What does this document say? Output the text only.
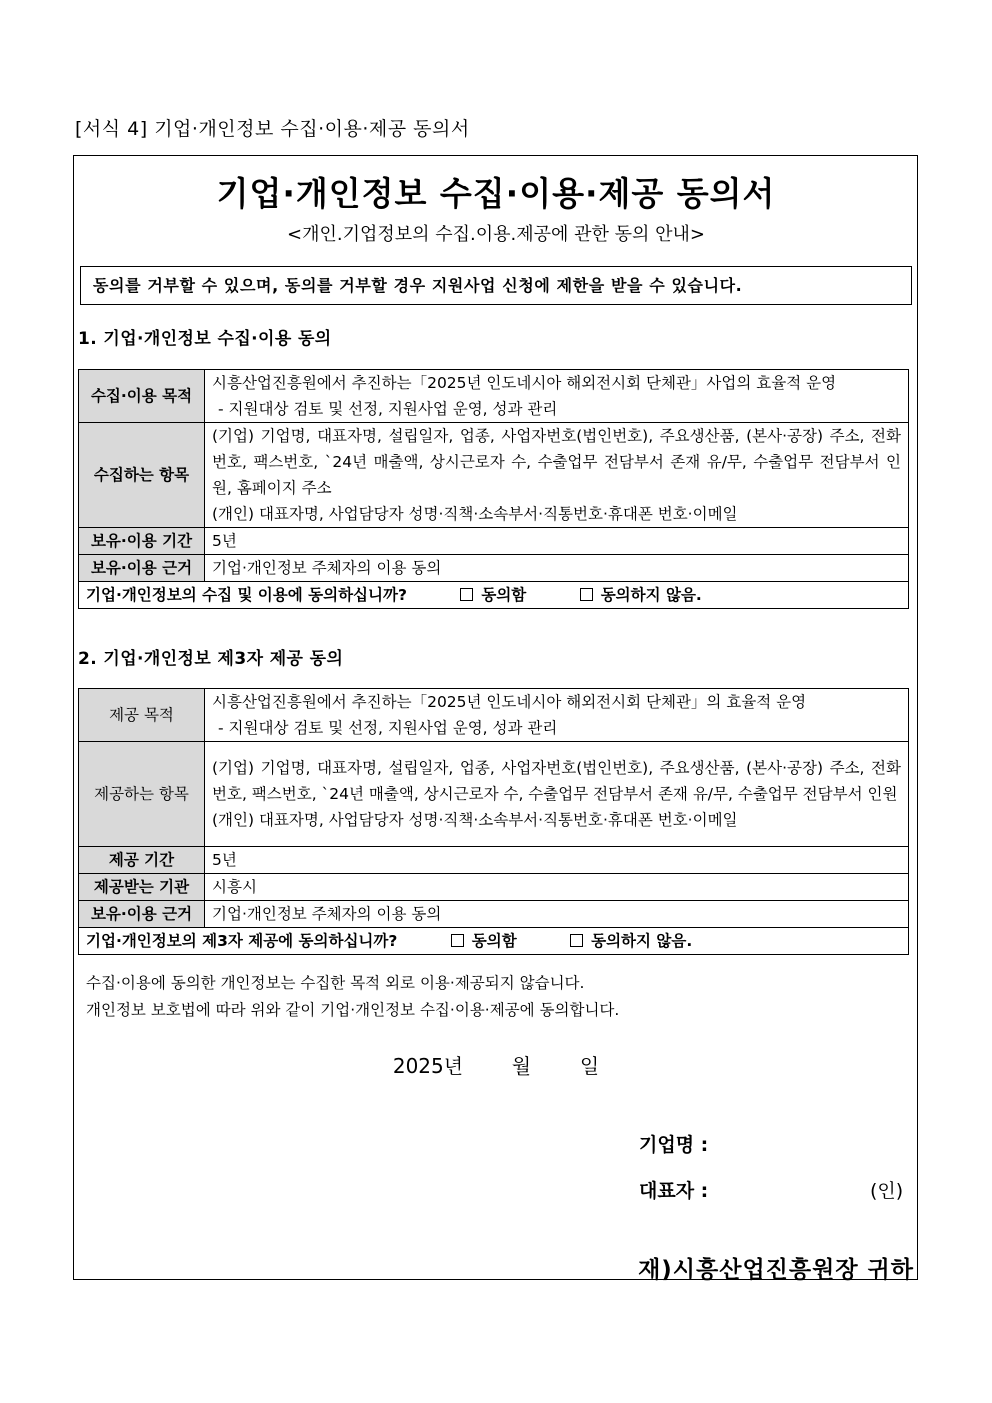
[서식 4] 기업·개인정보 수집·이용·제공 동의서
기업·개인정보 수집·이용·제공 동의서
<개인.기업정보의 수집.이용.제공에 관한 동의 안내>
동의를 거부할 수 있으며, 동의를 거부할 경우 지원사업 신청에 제한을 받을 수 있습니다.
1. 기업·개인정보 수집·이용 동의
수집·이용 목적	시흥산업진흥원에서 추진하는「2025년 인도네시아 해외전시회 단체관」사업의 효율적 운영
- 지원대상 검토 및 선정, 지원사업 운영, 성과 관리

수집하는 항목	(기업) 기업명, 대표자명, 설립일자, 업종, 사업자번호(법인번호), 주요생산품, (본사·공장) 주소, 전화번호, 팩스번호, `24년 매출액, 상시근로자 수, 수출업무 전담부서 존재 유/무, 수출업무 전담부서 인원, 홈페이지 주소
(개인) 대표자명, 사업담당자 성명·직책·소속부서·직통번호·휴대폰 번호·이메일

보유·이용 기간	5년
보유·이용 근거	기업·개인정보 주체자의 이용 동의
기업·개인정보의 수집 및 이용에 동의하십니까? 동의함 동의하지 않음.	
2. 기업·개인정보 제3자 제공 동의
제공 목적	시흥산업진흥원에서 추진하는「2025년 인도네시아 해외전시회 단체관」의 효율적 운영
- 지원대상 검토 및 선정, 지원사업 운영, 성과 관리

제공하는 항목	(기업) 기업명, 대표자명, 설립일자, 업종, 사업자번호(법인번호), 주요생산품, (본사·공장) 주소, 전화번호, 팩스번호, `24년 매출액, 상시근로자 수, 수출업무 전담부서 존재 유/무, 수출업무 전담부서 인원
(개인) 대표자명, 사업담당자 성명·직책·소속부서·직통번호·휴대폰 번호·이메일

제공 기간	5년
제공받는 기관	시흥시
보유·이용 근거	기업·개인정보 주체자의 이용 동의
기업·개인정보의 제3자 제공에 동의하십니까? 동의함 동의하지 않음.	
수집·이용에 동의한 개인정보는 수집한 목적 외로 이용·제공되지 않습니다.
개인정보 보호법에 따라 위와 같이 기업·개인정보 수집·이용·제공에 동의합니다.
2025년 월 일
기업명 :
대표자 :	(인)
재)시흥산업진흥원장 귀하
